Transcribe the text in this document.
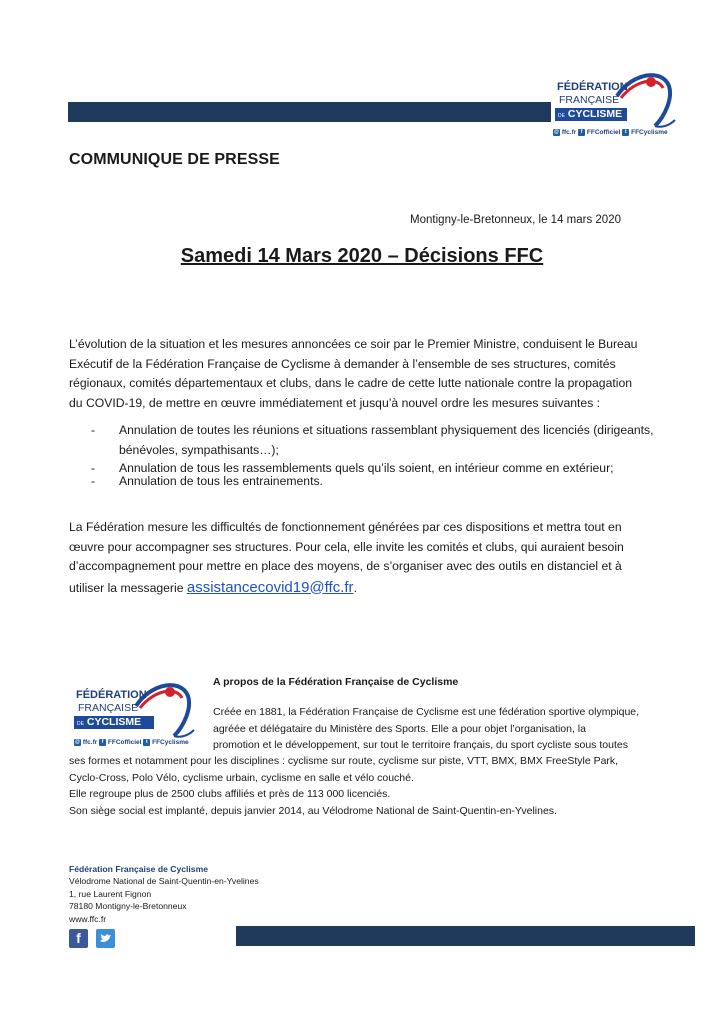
FÉDÉRATION
FRANÇAISE
DE CYCLISME
@ ffc.fr f FFCofficiel t FFCyclisme
COMMUNIQUE DE PRESSE
Montigny-le-Bretonneux, le 14 mars 2020
Samedi 14 Mars 2020 – Décisions FFC
L’évolution de la situation et les mesures annoncées ce soir par le Premier Ministre, conduisent le Bureau
Exécutif de la Fédération Française de Cyclisme à demander à l’ensemble de ses structures, comités
régionaux, comités départementaux et clubs, dans le cadre de cette lutte nationale contre la propagation
du COVID-19, de mettre en œuvre immédiatement et jusqu’à nouvel ordre les mesures suivantes :
- Annulation de toutes les réunions et situations rassemblant physiquement des licenciés (dirigeants,
bénévoles, sympathisants…);
- Annulation de tous les rassemblements quels qu’ils soient, en intérieur comme en extérieur;
- Annulation de tous les entrainements.
La Fédération mesure les difficultés de fonctionnement générées par ces dispositions et mettra tout en
œuvre pour accompagner ses structures. Pour cela, elle invite les comités et clubs, qui auraient besoin
d’accompagnement pour mettre en place des moyens, de s’organiser avec des outils en distanciel et à
utiliser la messagerie assistancecovid19@ffc.fr.
FÉDÉRATION
FRANÇAISE
DE CYCLISME
@ ffc.fr f FFCofficiel t FFCyclisme
A propos de la Fédération Française de Cyclisme
Créée en 1881, la Fédération Française de Cyclisme est une fédération sportive olympique,
agréée et délégataire du Ministère des Sports. Elle a pour objet l’organisation, la
promotion et le développement, sur tout le territoire français, du sport cycliste sous toutes
ses formes et notamment pour les disciplines : cyclisme sur route, cyclisme sur piste, VTT, BMX, BMX FreeStyle Park,
Cyclo-Cross, Polo Vélo, cyclisme urbain, cyclisme en salle et vélo couché.
Elle regroupe plus de 2500 clubs affiliés et près de 113 000 licenciés.
Son siège social est implanté, depuis janvier 2014, au Vélodrome National de Saint-Quentin-en-Yvelines.
Fédération Française de Cyclisme
Vélodrome National de Saint-Quentin-en-Yvelines
1, rue Laurent Fignon
78180 Montigny-le-Bretonneux
www.ffc.fr
f
